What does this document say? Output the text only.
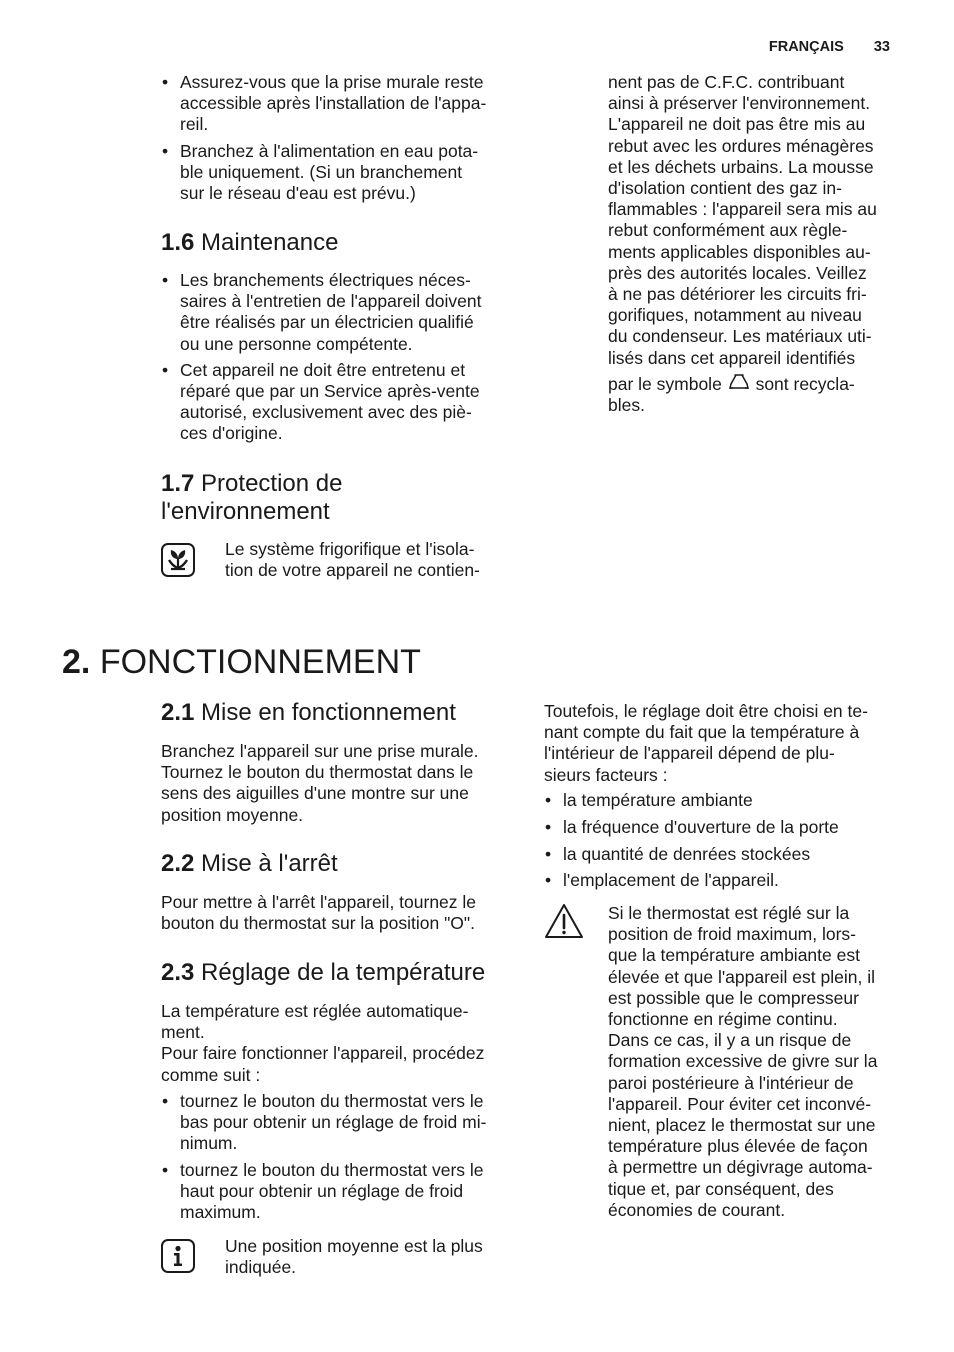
FRANÇAIS 33
• Assurez-vous que la prise murale reste
accessible après l'installation de l'appa-
reil.
• Branchez à l'alimentation en eau pota-
ble uniquement. (Si un branchement
sur le réseau d'eau est prévu.)
1.6 Maintenance
• Les branchements électriques néces-
saires à l'entretien de l'appareil doivent
être réalisés par un électricien qualifié
ou une personne compétente.
• Cet appareil ne doit être entretenu et
réparé que par un Service après-vente
autorisé, exclusivement avec des piè-
ces d'origine.
1.7 Protection de
l'environnement
Le système frigorifique et l'isola-
tion de votre appareil ne contien-
nent pas de C.F.C. contribuant
ainsi à préserver l'environnement.
L'appareil ne doit pas être mis au
rebut avec les ordures ménagères
et les déchets urbains. La mousse
d'isolation contient des gaz in-
flammables : l'appareil sera mis au
rebut conformément aux règle-
ments applicables disponibles au-
près des autorités locales. Veillez
à ne pas détériorer les circuits fri-
gorifiques, notamment au niveau
du condenseur. Les matériaux uti-
lisés dans cet appareil identifiés
par le symbole sont recycla-
bles.
2. FONCTIONNEMENT
2.1 Mise en fonctionnement
Branchez l'appareil sur une prise murale.
Tournez le bouton du thermostat dans le
sens des aiguilles d'une montre sur une
position moyenne.
2.2 Mise à l'arrêt
Pour mettre à l'arrêt l'appareil, tournez le
bouton du thermostat sur la position "O".
2.3 Réglage de la température
La température est réglée automatique-
ment.
Pour faire fonctionner l'appareil, procédez
comme suit :
• tournez le bouton du thermostat vers le
bas pour obtenir un réglage de froid mi-
nimum.
• tournez le bouton du thermostat vers le
haut pour obtenir un réglage de froid
maximum.
Une position moyenne est la plus
indiquée.
Toutefois, le réglage doit être choisi en te-
nant compte du fait que la température à
l'intérieur de l'appareil dépend de plu-
sieurs facteurs :
• la température ambiante
• la fréquence d'ouverture de la porte
• la quantité de denrées stockées
• l'emplacement de l'appareil.
Si le thermostat est réglé sur la
position de froid maximum, lors-
que la température ambiante est
élevée et que l'appareil est plein, il
est possible que le compresseur
fonctionne en régime continu.
Dans ce cas, il y a un risque de
formation excessive de givre sur la
paroi postérieure à l'intérieur de
l'appareil. Pour éviter cet inconvé-
nient, placez le thermostat sur une
température plus élevée de façon
à permettre un dégivrage automa-
tique et, par conséquent, des
économies de courant.
